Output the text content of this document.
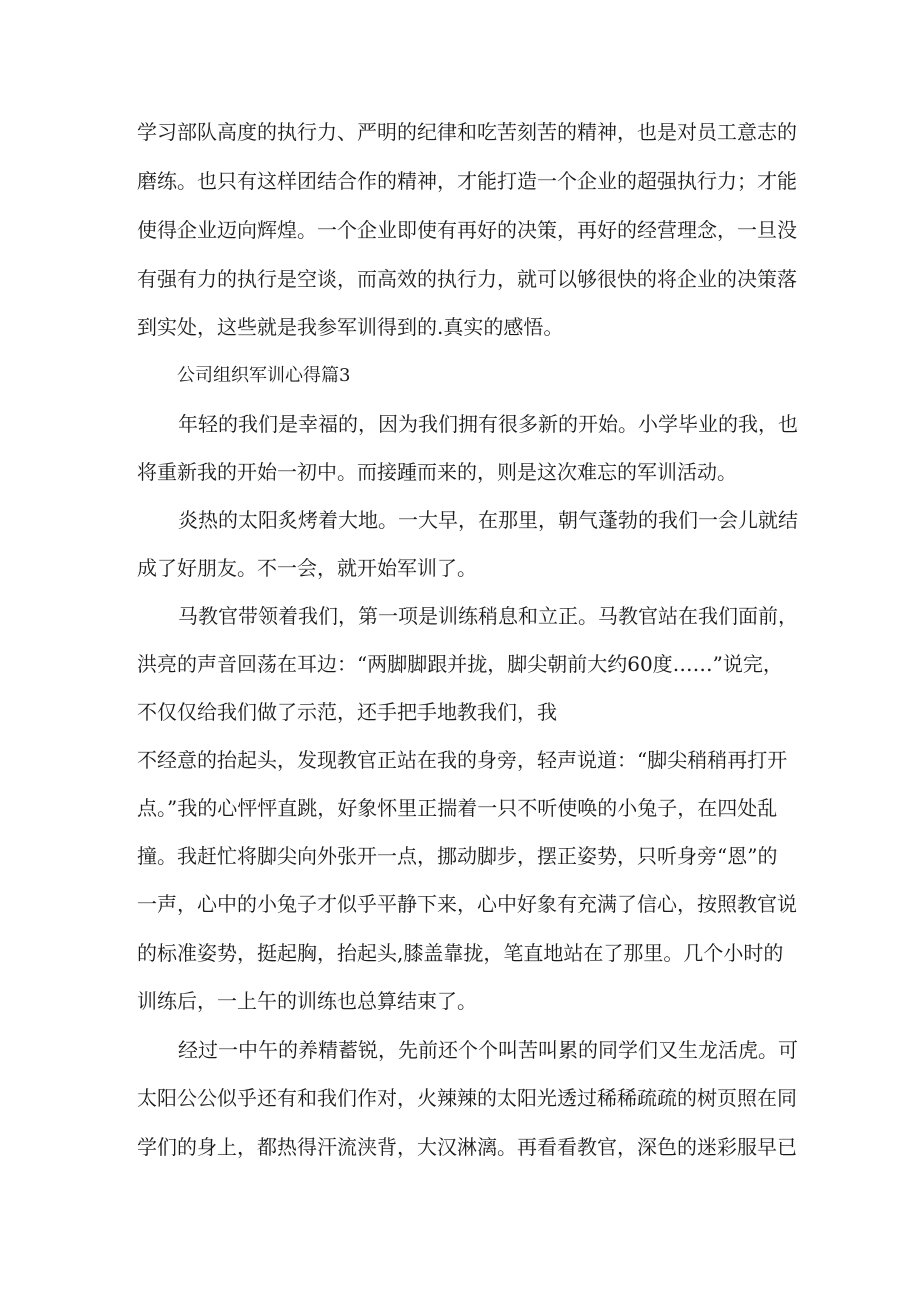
学习部队高度的执行力、严明的纪律和吃苦刻苦的精神，也是对员工意志的
磨练。也只有这样团结合作的精神，才能打造一个企业的超强执行力；才能
使得企业迈向辉煌。一个企业即使有再好的决策，再好的经营理念，一旦没
有强有力的执行是空谈，而高效的执行力，就可以够很快的将企业的决策落
到实处，这些就是我参军训得到的.真实的感悟。
公司组织军训心得篇3
年轻的我们是幸福的，因为我们拥有很多新的开始。小学毕业的我，也
将重新我的开始一初中。而接踵而来的，则是这次难忘的军训活动。
炎热的太阳炙烤着大地。一大早，在那里，朝气蓬勃的我们一会儿就结
成了好朋友。不一会，就开始军训了。
马教官带领着我们，第一项是训练稍息和立正。马教官站在我们面前，
洪亮的声音回荡在耳边：“两脚脚跟并拢，脚尖朝前大约60度……”说完，
不仅仅给我们做了示范，还手把手地教我们，我
不经意的抬起头，发现教官正站在我的身旁，轻声说道：“脚尖稍稍再打开
点。”我的心怦怦直跳，好象怀里正揣着一只不听使唤的小兔子，在四处乱
撞。我赶忙将脚尖向外张开一点，挪动脚步，摆正姿势，只听身旁“恩”的
一声，心中的小兔子才似乎平静下来，心中好象有充满了信心，按照教官说
的标准姿势，挺起胸，抬起头,膝盖靠拢，笔直地站在了那里。几个小时的
训练后，一上午的训练也总算结束了。
经过一中午的养精蓄锐，先前还个个叫苦叫累的同学们又生龙活虎。可
太阳公公似乎还有和我们作对，火辣辣的太阳光透过稀稀疏疏的树页照在同
学们的身上，都热得汗流浃背，大汉淋漓。再看看教官，深色的迷彩服早已
